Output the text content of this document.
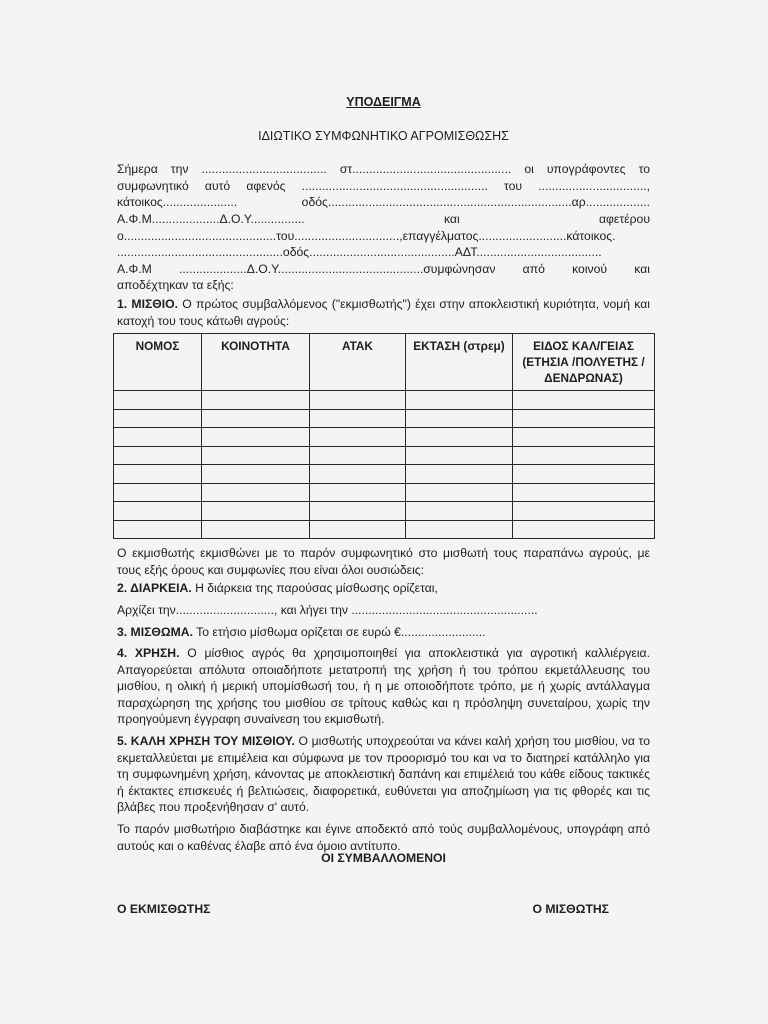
ΥΠΟΔΕΙΓΜΑ
ΙΔΙΩΤΙΚΟ ΣΥΜΦΩΝΗΤΙΚΟ ΑΓΡΟΜΙΣΘΩΣΗΣ
Σήμερα την ..................................... στ............................................... οι υπογράφοντες το
συμφωνητικό αυτό αφενός ....................................................... του ................................,
κάτοικος...................... οδός........................................................................αρ...................
Α.Φ.Μ....................Δ.Ο.Υ................ και αφετέρου
ο.............................................του...............................,επαγγέλματος..........................κάτοικος.
.................................................οδός...........................................ΑΔΤ.....................................
Α.Φ.Μ ....................Δ.Ο.Υ...........................................συμφώνησαν από κοινού και
αποδέχτηκαν τα εξής:

1. ΜΙΣΘΙΟ. Ο πρώτος συμβαλλόμενος ("εκμισθωτής") έχει στην αποκλειστική κυριότητα, νομή και κατοχή του τους κάτωθι αγρούς:

ΝΟΜΟΣ	ΚΟΙΝΟΤΗΤΑ	ΑΤΑΚ	ΕΚΤΑΣΗ (στρεμ)	ΕΙΔΟΣ ΚΑΛ/ΓΕΙΑΣ (ΕΤΗΣΙΑ /ΠΟΛΥΕΤΗΣ / ΔΕΝΔΡΩΝΑΣ)

Ο εκμισθωτής εκμισθώνει με το παρόν συμφωνητικό στο μισθωτή τους παραπάνω αγρούς, με τους εξής όρους και συμφωνίες που είναι όλοι ουσιώδεις:

2. ΔΙΑΡΚΕΙΑ. Η διάρκεια της παρούσας μίσθωσης ορίζεται,

Αρχίζει την............................., και λήγει την .......................................................

3. ΜΙΣΘΩΜΑ. Το ετήσιο μίσθωμα ορίζεται σε ευρώ €.........................

4. ΧΡΗΣΗ. Ο μίσθιος αγρός θα χρησιμοποιηθεί για αποκλειστικά για αγροτική καλλιέργεια. Απαγορεύεται απόλυτα οποιαδήποτε μετατροπή της χρήση ή του τρόπου εκμετάλλευσης του μισθίου, η ολική ή μερική υπομίσθωσή του, ή η με οποιοδήποτε τρόπο, με ή χωρίς αντάλλαγμα παραχώρηση της χρήσης του μισθίου σε τρίτους καθώς και η πρόσληψη συνεταίρου, χωρίς την προηγούμενη έγγραφη συναίνεση του εκμισθωτή.

5. ΚΑΛΗ ΧΡΗΣΗ ΤΟΥ ΜΙΣΘΙΟΥ. Ο μισθωτής υποχρεούται να κάνει καλή χρήση του μισθίου, να το εκμεταλλεύεται με επιμέλεια και σύμφωνα με τον προορισμό του και να το διατηρεί κατάλληλο για τη συμφωνημένη χρήση, κάνοντας με αποκλειστική δαπάνη και επιμέλειά του κάθε είδους τακτικές ή έκτακτες επισκευές ή βελτιώσεις, διαφορετικά, ευθύνεται για αποζημίωση για τις φθορές και τις βλάβες που προξενήθησαν σ' αυτό.

Το παρόν μισθωτήριο διαβάστηκε και έγινε αποδεκτό από τούς συμβαλλομένους, υπογράφη από αυτούς και ο καθένας έλαβε από ένα όμοιο αντίτυπο.

ΟΙ ΣΥΜΒΑΛΛΟΜΕΝΟΙ
Ο ΕΚΜΙΣΘΩΤΗΣ	Ο ΜΙΣΘΩΤΗΣ
